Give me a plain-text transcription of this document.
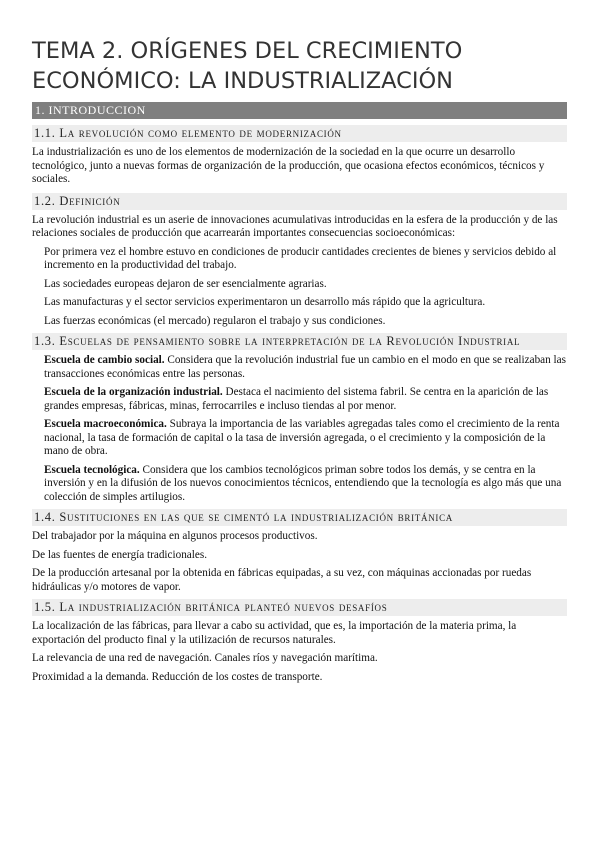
TEMA 2. ORÍGENES DEL CRECIMIENTO
ECONÓMICO: LA INDUSTRIALIZACIÓN
1. INTRODUCCION
1.1. La revolución como elemento de modernización

La industrialización es uno de los elementos de modernización de la sociedad en la que ocurre un desarrollo tecnológico, junto a nuevas formas de organización de la producción, que ocasiona efectos económicos, técnicos y sociales.

1.2. Definición

La revolución industrial es un aserie de innovaciones acumulativas introducidas en la esfera de la producción y de las relaciones sociales de producción que acarrearán importantes consecuencias socioeconómicas:

Por primera vez el hombre estuvo en condiciones de producir cantidades crecientes de bienes y servicios debido al incremento en la productividad del trabajo.

Las sociedades europeas dejaron de ser esencialmente agrarias.

Las manufacturas y el sector servicios experimentaron un desarrollo más rápido que la agricultura.

Las fuerzas económicas (el mercado) regularon el trabajo y sus condiciones.

1.3. Escuelas de pensamiento sobre la interpretación de la Revolución Industrial

Escuela de cambio social. Considera que la revolución industrial fue un cambio en el modo en que se realizaban las transacciones económicas entre las personas.

Escuela de la organización industrial. Destaca el nacimiento del sistema fabril. Se centra en la aparición de las grandes empresas, fábricas, minas, ferrocarriles e incluso tiendas al por menor.

Escuela macroeconómica. Subraya la importancia de las variables agregadas tales como el crecimiento de la renta nacional, la tasa de formación de capital o la tasa de inversión agregada, o el crecimiento y la composición de la mano de obra.

Escuela tecnológica. Considera que los cambios tecnológicos priman sobre todos los demás, y se centra en la inversión y en la difusión de los nuevos conocimientos técnicos, entendiendo que la tecnología es algo más que una colección de simples artilugios.

1.4. Sustituciones en las que se cimentó la industrialización británica

Del trabajador por la máquina en algunos procesos productivos.

De las fuentes de energía tradicionales.

De la producción artesanal por la obtenida en fábricas equipadas, a su vez, con máquinas accionadas por ruedas hidráulicas y/o motores de vapor.

1.5. La industrialización británica planteó nuevos desafíos

La localización de las fábricas, para llevar a cabo su actividad, que es, la importación de la materia prima, la exportación del producto final y la utilización de recursos naturales.

La relevancia de una red de navegación. Canales ríos y navegación marítima.

Proximidad a la demanda. Reducción de los costes de transporte.
